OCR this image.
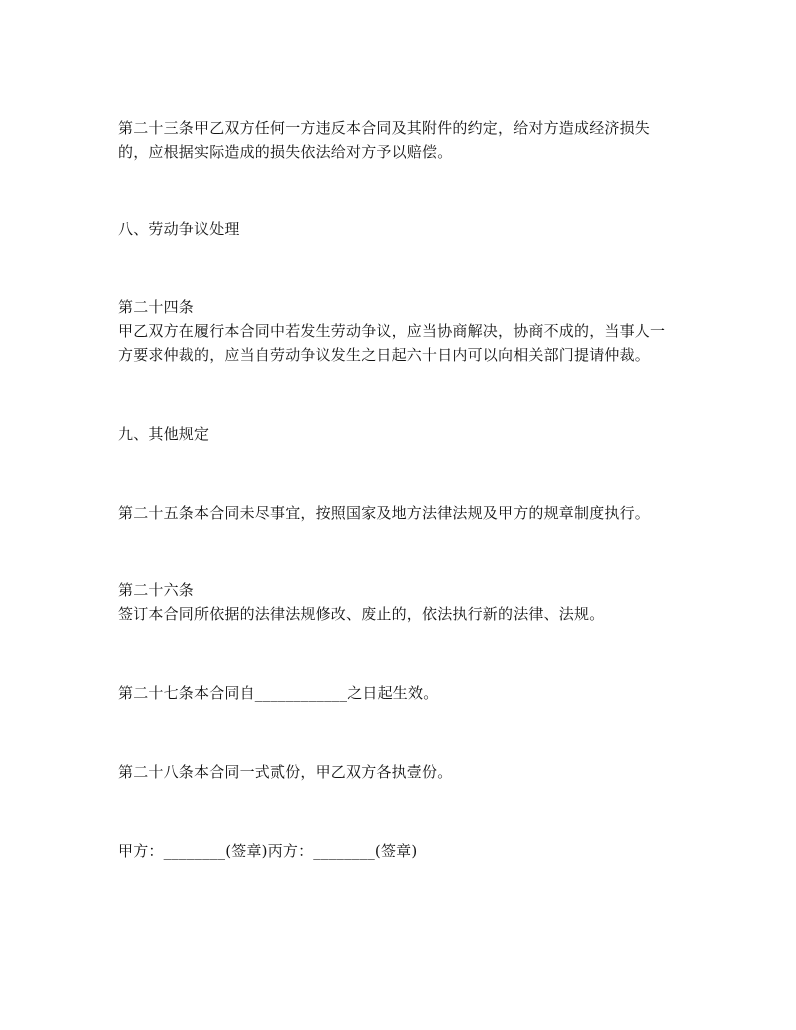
第二十三条甲乙双方任何一方违反本合同及其附件的约定，给对方造成经济损失
的，应根据实际造成的损失依法给对方予以赔偿。
八、劳动争议处理
第二十四条
甲乙双方在履行本合同中若发生劳动争议，应当协商解决，协商不成的，当事人一
方要求仲裁的，应当自劳动争议发生之日起六十日内可以向相关部门提请仲裁。
九、其他规定
第二十五条本合同未尽事宜，按照国家及地方法律法规及甲方的规章制度执行。
第二十六条
签订本合同所依据的法律法规修改、废止的，依法执行新的法律、法规。
第二十七条本合同自____________之日起生效。
第二十八条本合同一式贰份，甲乙双方各执壹份。
甲方：________(签章)丙方：________(签章)
